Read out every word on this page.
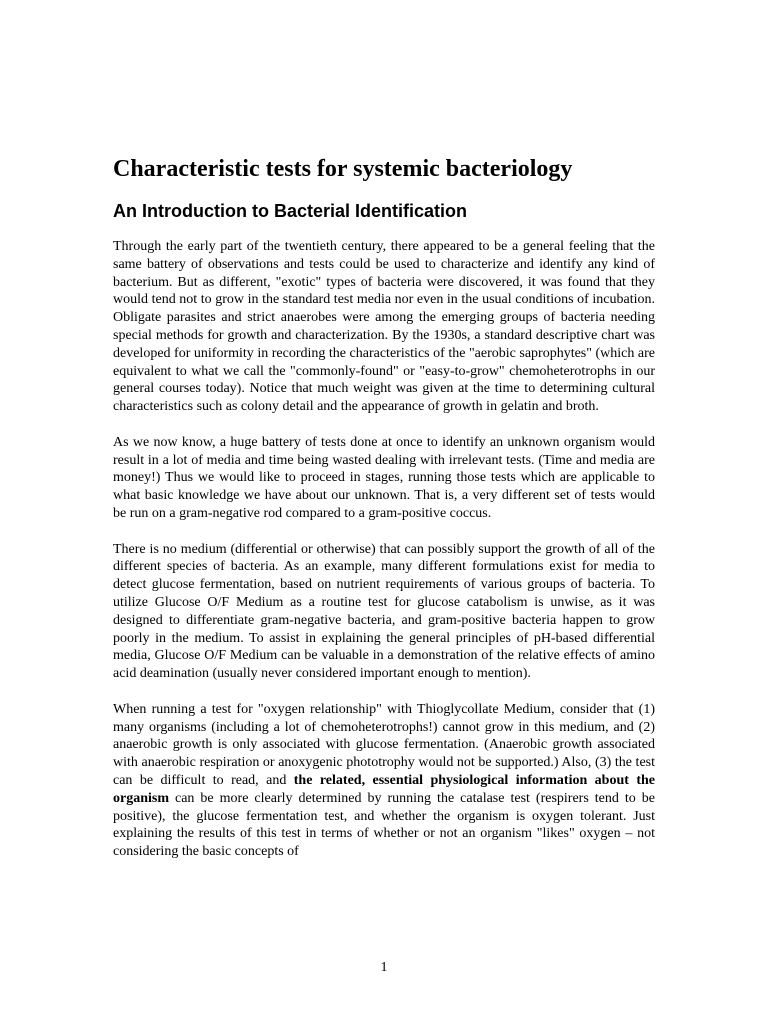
Characteristic tests for systemic bacteriology
An Introduction to Bacterial Identification

Through the early part of the twentieth century, there appeared to be a general feeling that the same battery of observations and tests could be used to characterize and identify any kind of bacterium. But as different, "exotic" types of bacteria were discovered, it was found that they would tend not to grow in the standard test media nor even in the usual conditions of incubation. Obligate parasites and strict anaerobes were among the emerging groups of bacteria needing special methods for growth and characterization. By the 1930s, a standard descriptive chart was developed for uniformity in recording the characteristics of the "aerobic saprophytes" (which are equivalent to what we call the "commonly-found" or "easy-to-grow" chemoheterotrophs in our general courses today). Notice that much weight was given at the time to determining cultural characteristics such as colony detail and the appearance of growth in gelatin and broth.

As we now know, a huge battery of tests done at once to identify an unknown organism would result in a lot of media and time being wasted dealing with irrelevant tests. (Time and media are money!) Thus we would like to proceed in stages, running those tests which are applicable to what basic knowledge we have about our unknown. That is, a very different set of tests would be run on a gram-negative rod compared to a gram-positive coccus.

There is no medium (differential or otherwise) that can possibly support the growth of all of the different species of bacteria. As an example, many different formulations exist for media to detect glucose fermentation, based on nutrient requirements of various groups of bacteria. To utilize Glucose O/F Medium as a routine test for glucose catabolism is unwise, as it was designed to differentiate gram-negative bacteria, and gram-positive bacteria happen to grow poorly in the medium. To assist in explaining the general principles of pH-based differential media, Glucose O/F Medium can be valuable in a demonstration of the relative effects of amino acid deamination (usually never considered important enough to mention).

When running a test for "oxygen relationship" with Thioglycollate Medium, consider that (1) many organisms (including a lot of chemoheterotrophs!) cannot grow in this medium, and (2) anaerobic growth is only associated with glucose fermentation. (Anaerobic growth associated with anaerobic respiration or anoxygenic phototrophy would not be supported.) Also, (3) the test can be difficult to read, and the related, essential physiological information about the organism can be more clearly determined by running the catalase test (respirers tend to be positive), the glucose fermentation test, and whether the organism is oxygen tolerant. Just explaining the results of this test in terms of whether or not an organism "likes" oxygen – not considering the basic concepts of

1
